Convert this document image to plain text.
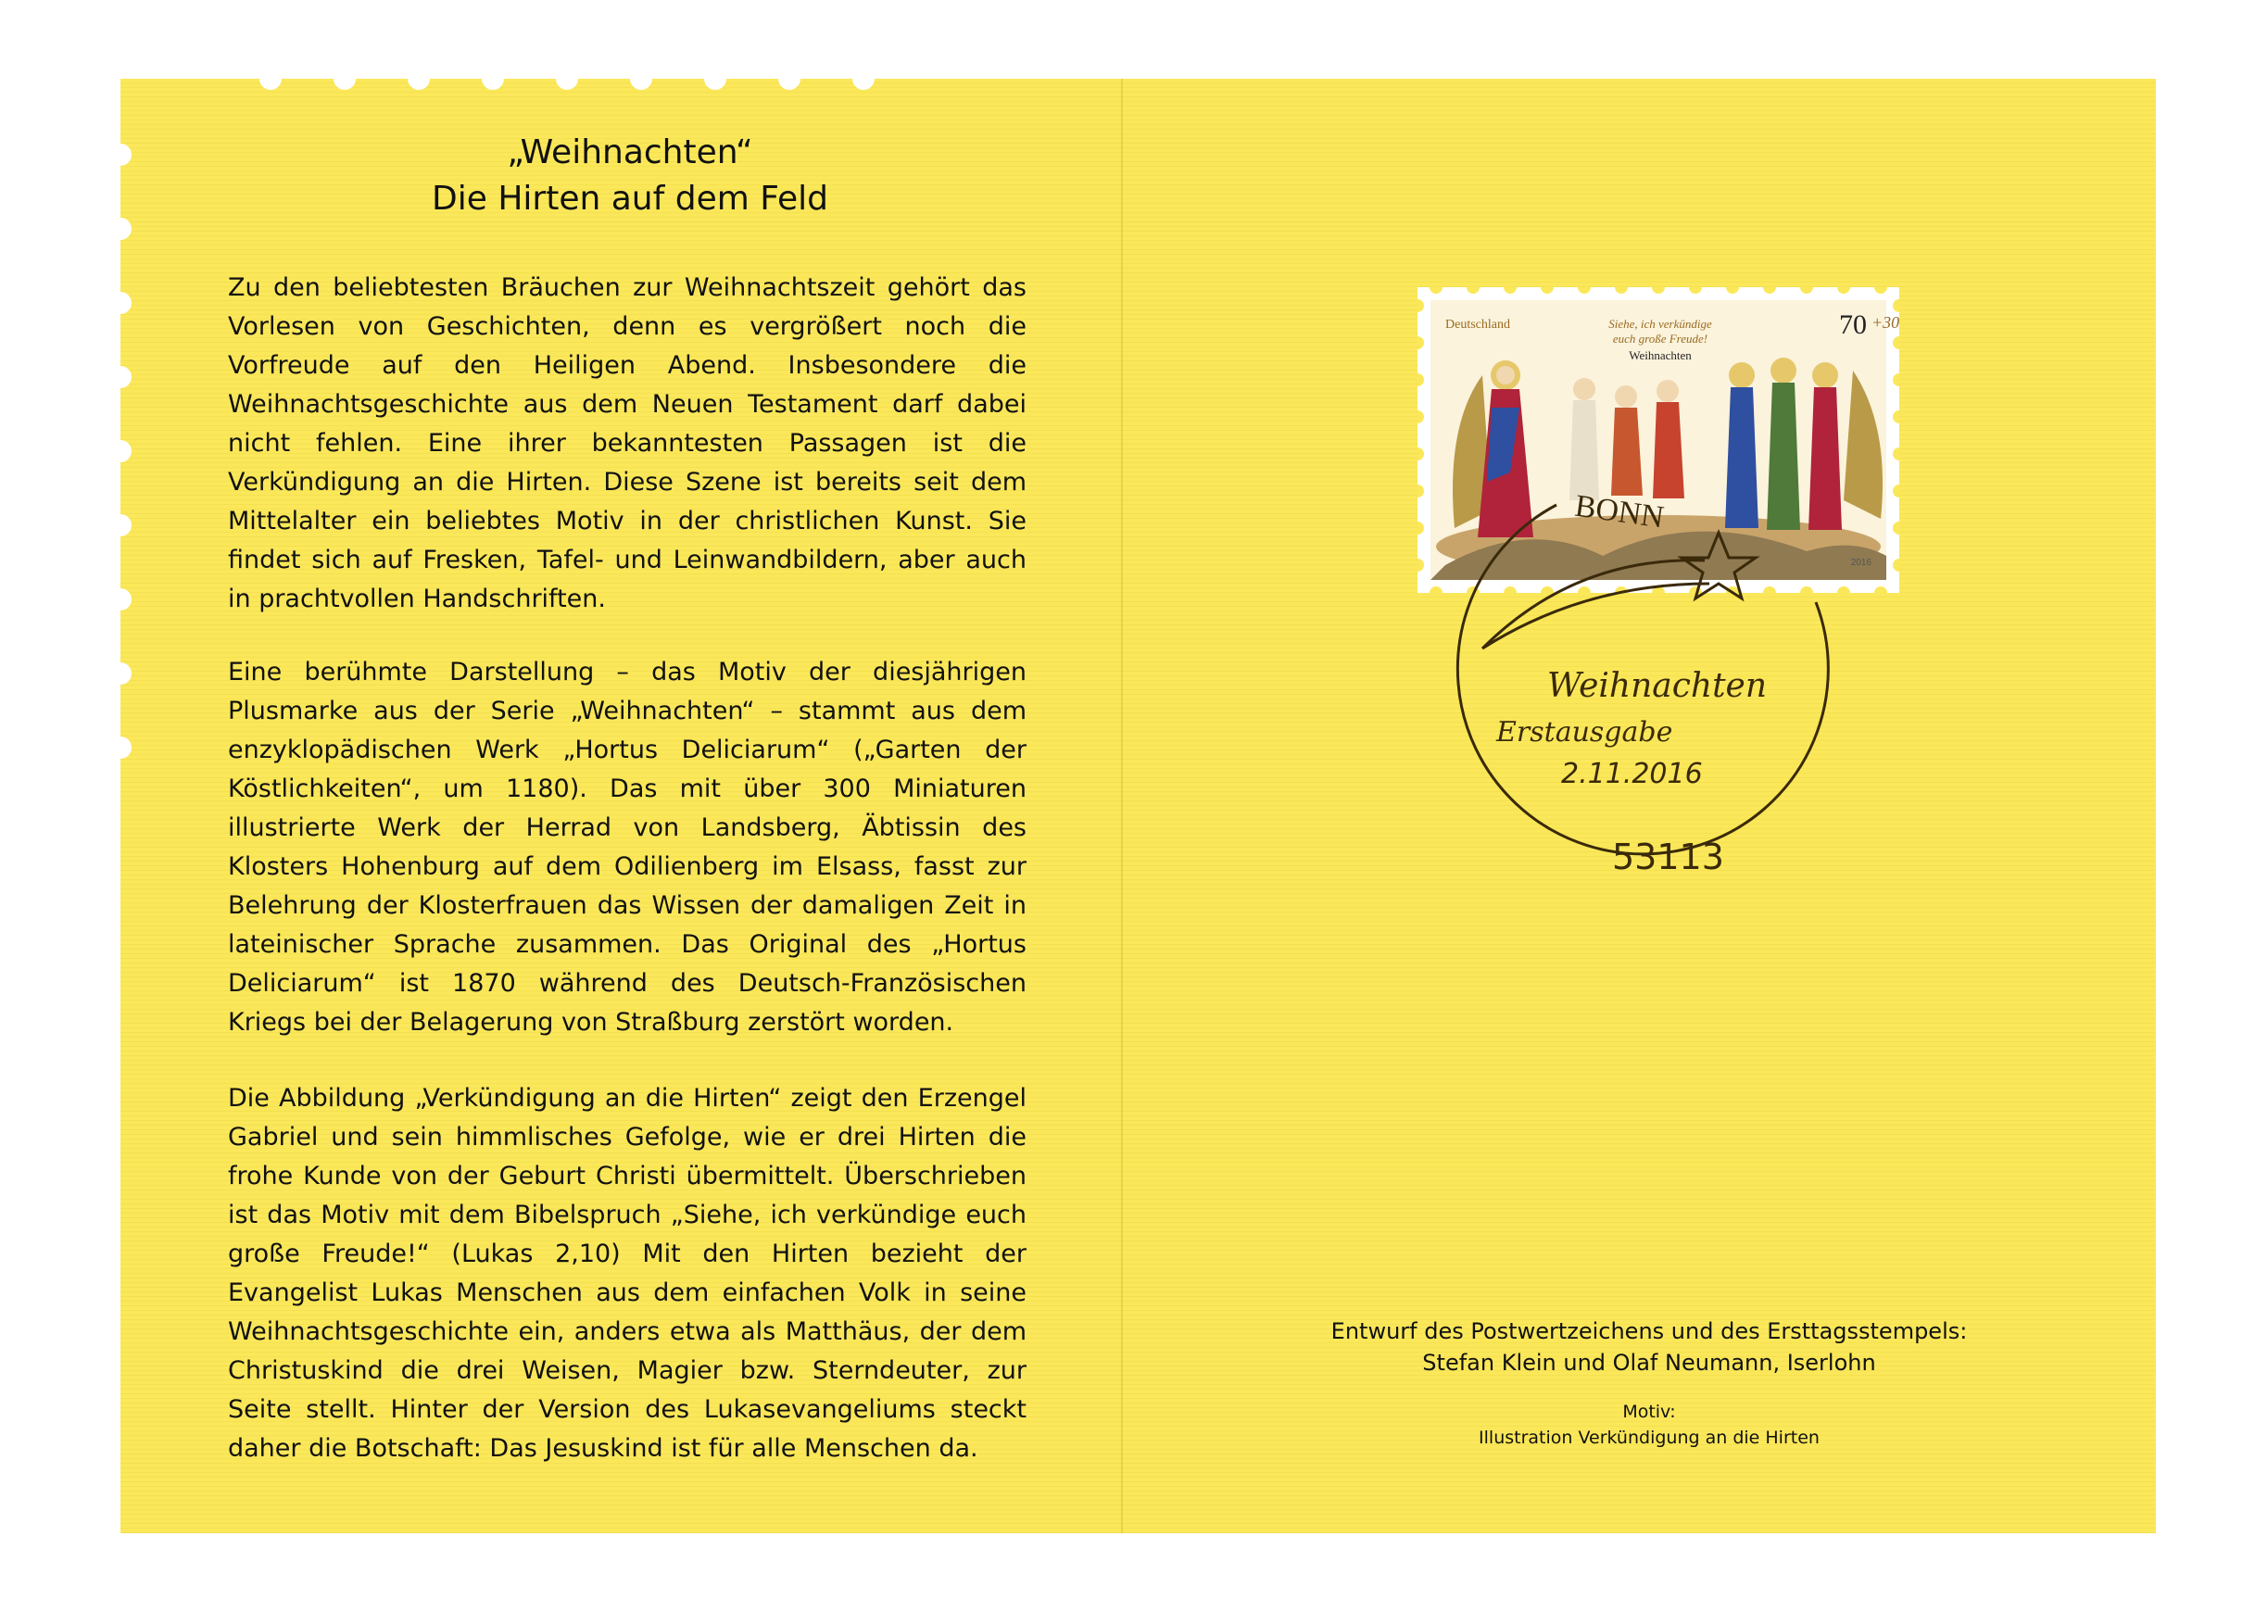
„Weihnachten“
Die Hirten auf dem Feld

Zu den beliebtesten Bräuchen zur Weihnachtszeit gehört das Vorlesen von Geschichten, denn es vergrößert noch die Vorfreude auf den Heiligen Abend. Insbesondere die Weihnachtsgeschichte aus dem Neuen Testament darf dabei nicht fehlen. Eine ihrer bekanntesten Passagen ist die Verkündigung an die Hirten. Diese Szene ist bereits seit dem Mittelalter ein beliebtes Motiv in der christlichen Kunst. Sie findet sich auf Fresken, Tafel- und Leinwandbildern, aber auch in prachtvollen Handschriften.

Eine berühmte Darstellung – das Motiv der diesjährigen Plusmarke aus der Serie „Weihnachten“ – stammt aus dem enzyklopädischen Werk „Hortus Deliciarum“ („Garten der Köstlichkeiten“, um 1180). Das mit über 300 Miniaturen illustrierte Werk der Herrad von Landsberg, Äbtissin des Klosters Hohenburg auf dem Odilienberg im Elsass, fasst zur Belehrung der Klosterfrauen das Wissen der damaligen Zeit in lateinischer Sprache zusammen. Das Original des „Hortus Deliciarum“ ist 1870 während des Deutsch-Französischen Kriegs bei der Belagerung von Straßburg zerstört worden.

Die Abbildung „Verkündigung an die Hirten“ zeigt den Erzengel Gabriel und sein himmlisches Gefolge, wie er drei Hirten die frohe Kunde von der Geburt Christi übermittelt. Überschrieben ist das Motiv mit dem Bibelspruch „Siehe, ich verkündige euch große Freude!“ (Lukas 2,10) Mit den Hirten bezieht der Evangelist Lukas Menschen aus dem einfachen Volk in seine Weihnachtsgeschichte ein, anders etwa als Matthäus, der dem Christuskind die drei Weisen, Magier bzw. Sterndeuter, zur Seite stellt. Hinter der Version des Lukasevangeliums steckt daher die Botschaft: Das Jesuskind ist für alle Menschen da.

Deutschland	Siehe, ich verkündige
euch große Freude!
Weihnachten
70 +30
2016
BONN
Weihnachten
Erstausgabe
2.11.2016
53113

Entwurf des Postwertzeichens und des Ersttagsstempels:

Stefan Klein und Olaf Neumann, Iserlohn

Motiv:

Illustration Verkündigung an die Hirten
